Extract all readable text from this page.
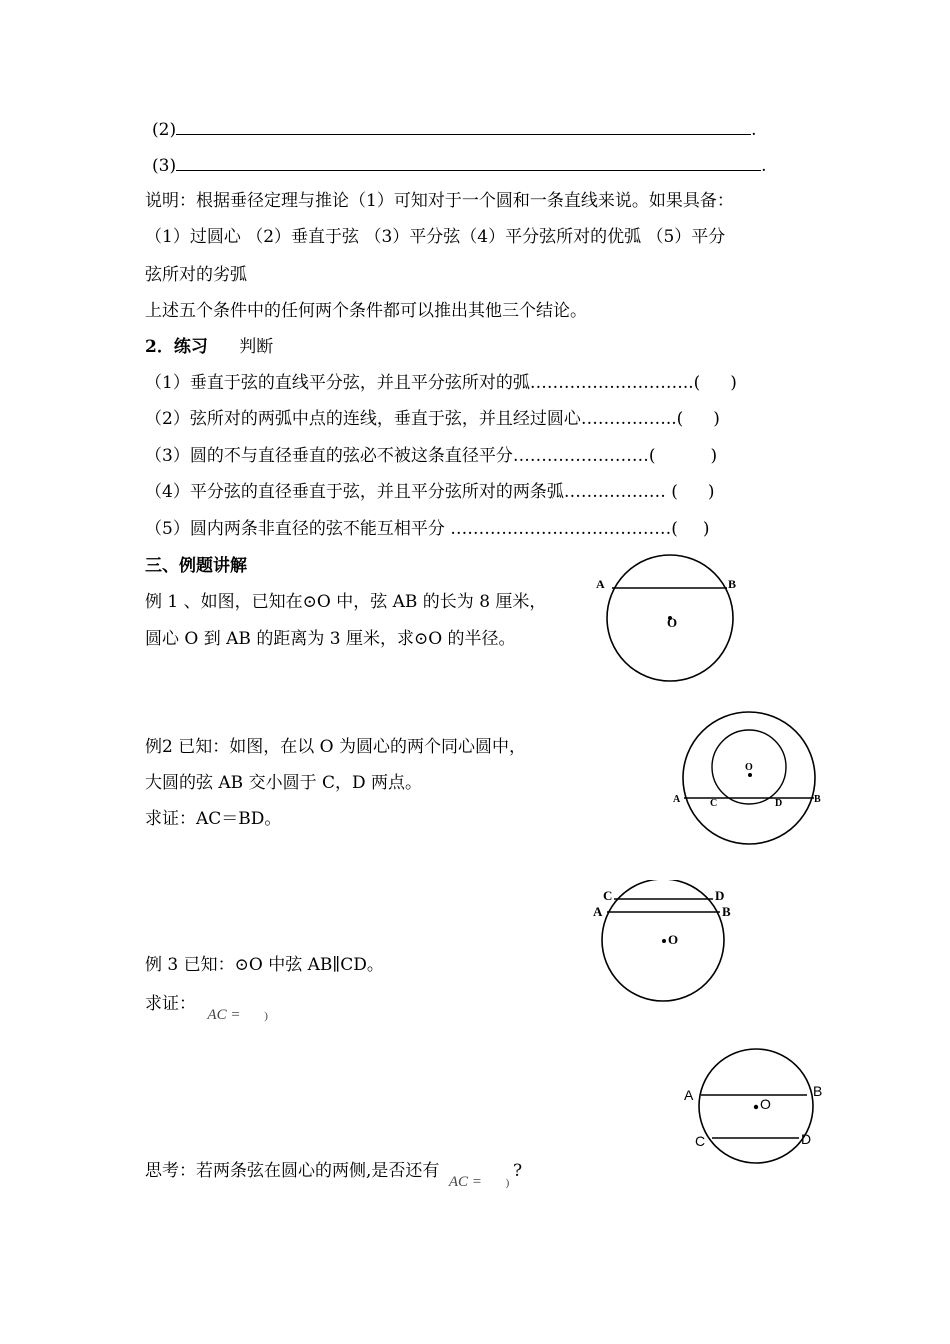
(2)	.
(3)	.
说明：根据垂径定理与推论（1）可知对于一个圆和一条直线来说。如果具备：
（1）过圆心 （2）垂直于弦 （3）平分弦（4）平分弦所对的优弧 （5）平分
弦所对的劣弧
上述五个条件中的任何两个条件都可以推出其他三个结论。
2．练习 判断
（1）垂直于弦的直线平分弦，并且平分弦所对的弧………………………..( )
（2）弦所对的两弧中点的连线，垂直于弦，并且经过圆心……………..( )
（3）圆的不与直径垂直的弦必不被这条直径平分……………………(	)
（4）平分弦的直径垂直于弦，并且平分弦所对的两条弧……………… ( )
（5）圆内两条非直径的弦不能互相平分 …………………………………( )
三、例题讲解
例 1 、如图，已知在⊙O 中，弦 AB 的长为 8 厘米，
圆心 O 到 AB 的距离为 3 厘米，求⊙O 的半径。
A	B
O
例2 已知：如图，在以 O 为圆心的两个同心圆中，
大圆的弦 AB 交小圆于 C，D 两点。
求证：AC＝BD。
O
A	C	D	B
例 3 已知：⊙O 中弦 AB∥CD。
求证： AC = )
O
C	D
A	B
思考：若两条弦在圆心的两侧,是否还有 AC = ) ?
O
A	B
C	D
